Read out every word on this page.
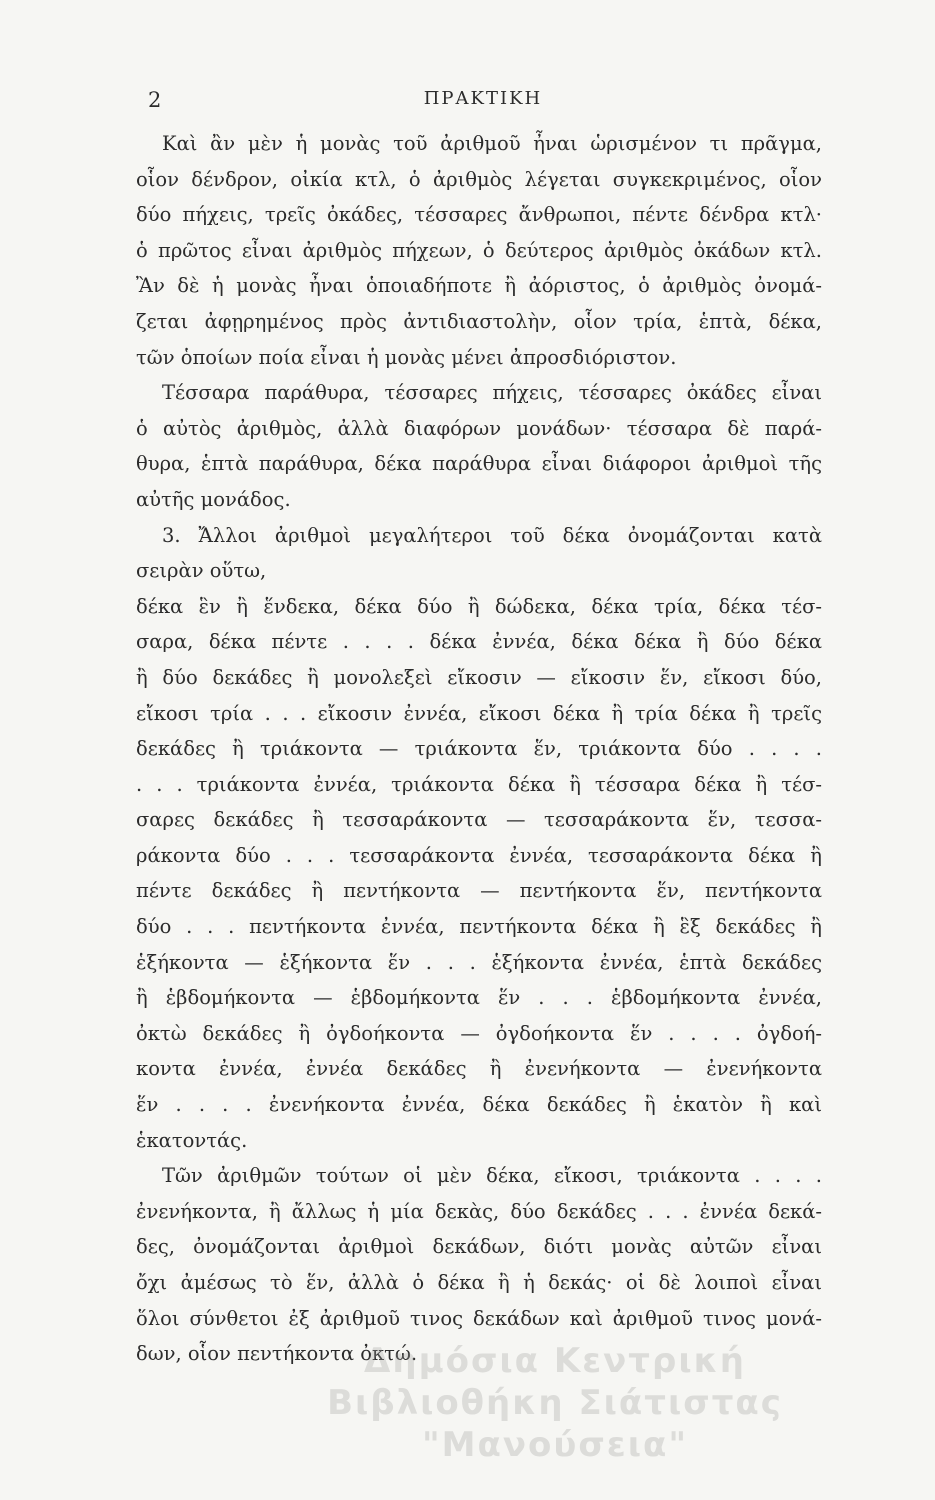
2	ΠΡΑΚΤΙΚΗ
Καὶ ἂν μὲν ἡ μονὰς τοῦ ἀριθμοῦ ἦναι ὡρισμένον τι πρᾶγμα,
οἷον δένδρον, οἰκία κτλ, ὁ ἀριθμὸς λέγεται συγκεκριμένος, οἷον
δύο πήχεις, τρεῖς ὀκάδες, τέσσαρες ἄνθρωποι, πέντε δένδρα κτλ·
ὁ πρῶτος εἶναι ἀριθμὸς πήχεων, ὁ δεύτερος ἀριθμὸς ὀκάδων κτλ.
Ἂν δὲ ἡ μονὰς ἦναι ὁποιαδήποτε ἢ ἀόριστος, ὁ ἀριθμὸς ὀνομά-
ζεται ἀφῃρημένος πρὸς ἀντιδιαστολὴν, οἷον τρία, ἑπτὰ, δέκα,
τῶν ὁποίων ποία εἶναι ἡ μονὰς μένει ἀπροσδιόριστον.
Τέσσαρα παράθυρα, τέσσαρες πήχεις, τέσσαρες ὀκάδες εἶναι
ὁ αὐτὸς ἀριθμὸς, ἀλλὰ διαφόρων μονάδων· τέσσαρα δὲ παρά-
θυρα, ἑπτὰ παράθυρα, δέκα παράθυρα εἶναι διάφοροι ἀριθμοὶ τῆς
αὐτῆς μονάδος.
3. Ἄλλοι ἀριθμοὶ μεγαλήτεροι τοῦ δέκα ὀνομάζονται κατὰ
σειρὰν οὕτω,
δέκα ἓν ἢ ἕνδεκα, δέκα δύο ἢ δώδεκα, δέκα τρία, δέκα τέσ-
σαρα, δέκα πέντε . . . . δέκα ἐννέα, δέκα δέκα ἢ δύο δέκα
ἢ δύο δεκάδες ἢ μονολεξεὶ εἴκοσιν — εἴκοσιν ἕν, εἴκοσι δύο,
εἴκοσι τρία . . . εἴκοσιν ἐννέα, εἴκοσι δέκα ἢ τρία δέκα ἢ τρεῖς
δεκάδες ἢ τριάκοντα — τριάκοντα ἕν, τριάκοντα δύο . . . .
. . . τριάκοντα ἐννέα, τριάκοντα δέκα ἢ τέσσαρα δέκα ἢ τέσ-
σαρες δεκάδες ἢ τεσσαράκοντα — τεσσαράκοντα ἕν, τεσσα-
ράκοντα δύο . . . τεσσαράκοντα ἐννέα, τεσσαράκοντα δέκα ἢ
πέντε δεκάδες ἢ πεντήκοντα — πεντήκοντα ἕν, πεντήκοντα
δύο . . . πεντήκοντα ἐννέα, πεντήκοντα δέκα ἢ ἓξ δεκάδες ἢ
ἑξήκοντα — ἑξήκοντα ἕν . . . ἑξήκοντα ἐννέα, ἑπτὰ δεκάδες
ἢ ἑβδομήκοντα — ἑβδομήκοντα ἕν . . . ἑβδομήκοντα ἐννέα,
ὀκτὼ δεκάδες ἢ ὀγδοήκοντα — ὀγδοήκοντα ἕν . . . . ὀγδοή-
κοντα ἐννέα, ἐννέα δεκάδες ἢ ἐνενήκοντα — ἐνενήκοντα
ἕν . . . . ἐνενήκοντα ἐννέα, δέκα δεκάδες ἢ ἑκατὸν ἢ καὶ
ἑκατοντάς.
Τῶν ἀριθμῶν τούτων οἱ μὲν δέκα, εἴκοσι, τριάκοντα . . . .
ἐνενήκοντα, ἢ ἄλλως ἡ μία δεκὰς, δύο δεκάδες . . . ἐννέα δεκά-
δες, ὀνομάζονται ἀριθμοὶ δεκάδων, διότι μονὰς αὐτῶν εἶναι
ὄχι ἀμέσως τὸ ἕν, ἀλλὰ ὁ δέκα ἢ ἡ δεκάς· οἱ δὲ λοιποὶ εἶναι
ὅλοι σύνθετοι ἐξ ἀριθμοῦ τινος δεκάδων καὶ ἀριθμοῦ τινος μονά-
δων, οἷον πεντήκοντα ὀκτώ.
Δημόσια Κεντρική
Βιβλιοθήκη Σιάτιστας "Μανούσεια"
